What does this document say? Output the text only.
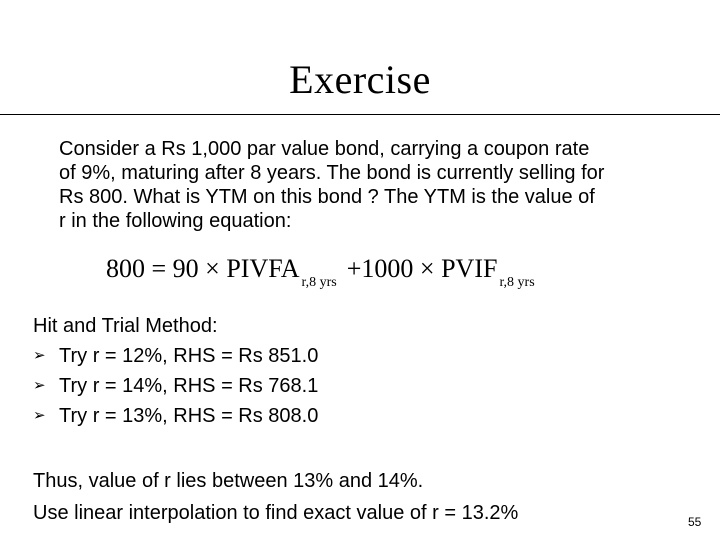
Exercise
Consider a Rs 1,000 par value bond, carrying a coupon rate
of 9%, maturing after 8 years. The bond is currently selling for
Rs 800. What is YTM on this bond ? The YTM is the value of
r in the following equation:
800 = 90 × PIVFA $_{r,8 yrs}$ +1000 × PVIF $_{r,8 yrs}$
Hit and Trial Method:
➢ Try r = 12%, RHS = Rs 851.0
➢ Try r = 14%, RHS = Rs 768.1
➢ Try r = 13%, RHS = Rs 808.0
Thus, value of r lies between 13% and 14%.
Use linear interpolation to find exact value of r = 13.2%	55
